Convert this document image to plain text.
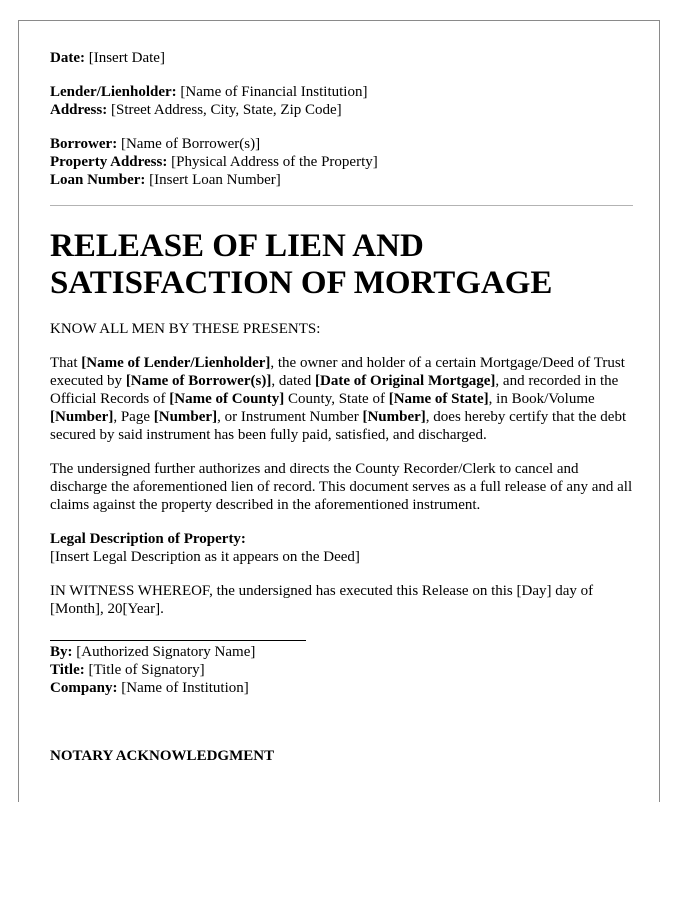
Date: [Insert Date]

Lender/Lienholder: [Name of Financial Institution]

Address: [Street Address, City, State, Zip Code]

Borrower: [Name of Borrower(s)]

Property Address: [Physical Address of the Property]

Loan Number: [Insert Loan Number]

RELEASE OF LIEN AND

SATISFACTION OF MORTGAGE

KNOW ALL MEN BY THESE PRESENTS:

That [Name of Lender/Lienholder], the owner and holder of a certain Mortgage/Deed of Trust executed by [Name of Borrower(s)], dated [Date of Original Mortgage], and recorded in the Official Records of [Name of County] County, State of [Name of State], in Book/Volume [Number], Page [Number], or Instrument Number [Number], does hereby certify that the debt secured by said instrument has been fully paid, satisfied, and discharged.

The undersigned further authorizes and directs the County Recorder/Clerk to cancel and discharge the aforementioned lien of record. This document serves as a full release of any and all claims against the property described in the aforementioned instrument.

Legal Description of Property:

[Insert Legal Description as it appears on the Deed]

IN WITNESS WHEREOF, the undersigned has executed this Release on this [Day] day of [Month], 20[Year].

By: [Authorized Signatory Name]

Title: [Title of Signatory]

Company: [Name of Institution]

NOTARY ACKNOWLEDGMENT
